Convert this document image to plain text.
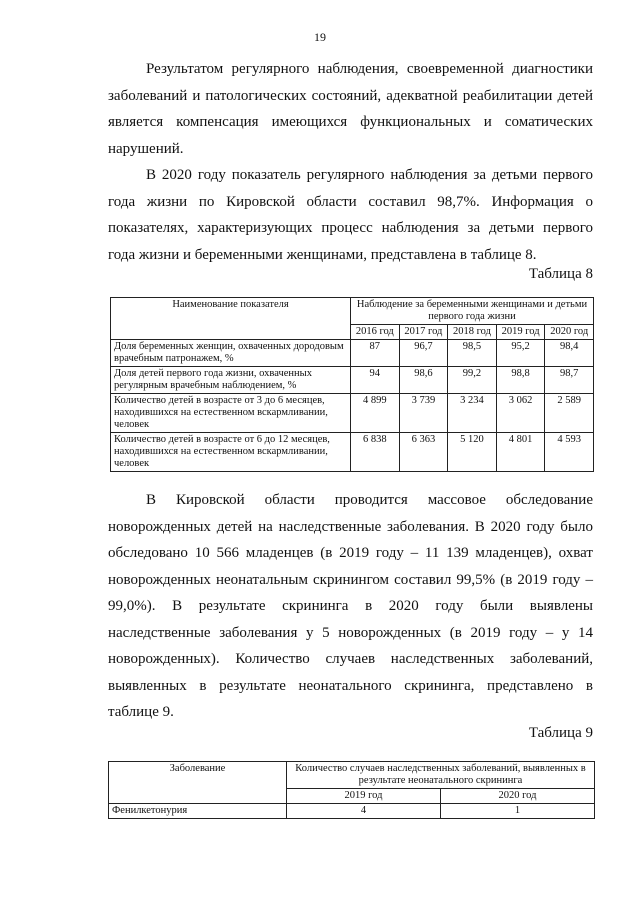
19

Результатом регулярного наблюдения, своевременной диагностики заболеваний и патологических состояний, адекватной реабилитации детей является компенсация имеющихся функциональных и соматических нарушений.

В 2020 году показатель регулярного наблюдения за детьми первого года жизни по Кировской области составил 98,7%. Информация о показателях, характеризующих процесс наблюдения за детьми первого года жизни и беременными женщинами, представлена в таблице 8.

Таблица 8
Наименование показателя	Наблюдение за беременными женщинами и детьми первого года жизни				
	2016 год	2017 год	2018 год	2019 год	2020 год
Доля беременных женщин, охваченных дородовым врачебным патронажем, %	87	96,7	98,5	95,2	98,4
Доля детей первого года жизни, охваченных регулярным врачебным наблюдением, %	94	98,6	99,2	98,8	98,7
Количество детей в возрасте от 3 до 6 месяцев, находившихся на естественном вскармливании, человек	4 899	3 739	3 234	3 062	2 589
Количество детей в возрасте от 6 до 12 месяцев, находившихся на естественном вскармливании, человек	6 838	6 363	5 120	4 801	4 593

В Кировской области проводится массовое обследование новорожденных детей на наследственные заболевания. В 2020 году было обследовано 10 566 младенцев (в 2019 году – 11 139 младенцев), охват новорожденных неонатальным скринингом составил 99,5% (в 2019 году – 99,0%). В результате скрининга в 2020 году были выявлены наследственные заболевания у 5 новорожденных (в 2019 году – у 14 новорожденных). Количество случаев наследственных заболеваний, выявленных в результате неонатального скрининга, представлено в таблице 9.

Таблица 9
Заболевание	Количество случаев наследственных заболеваний, выявленных в результате неонатального скрининга	
	2019 год	2020 год
Фенилкетонурия	4	1
